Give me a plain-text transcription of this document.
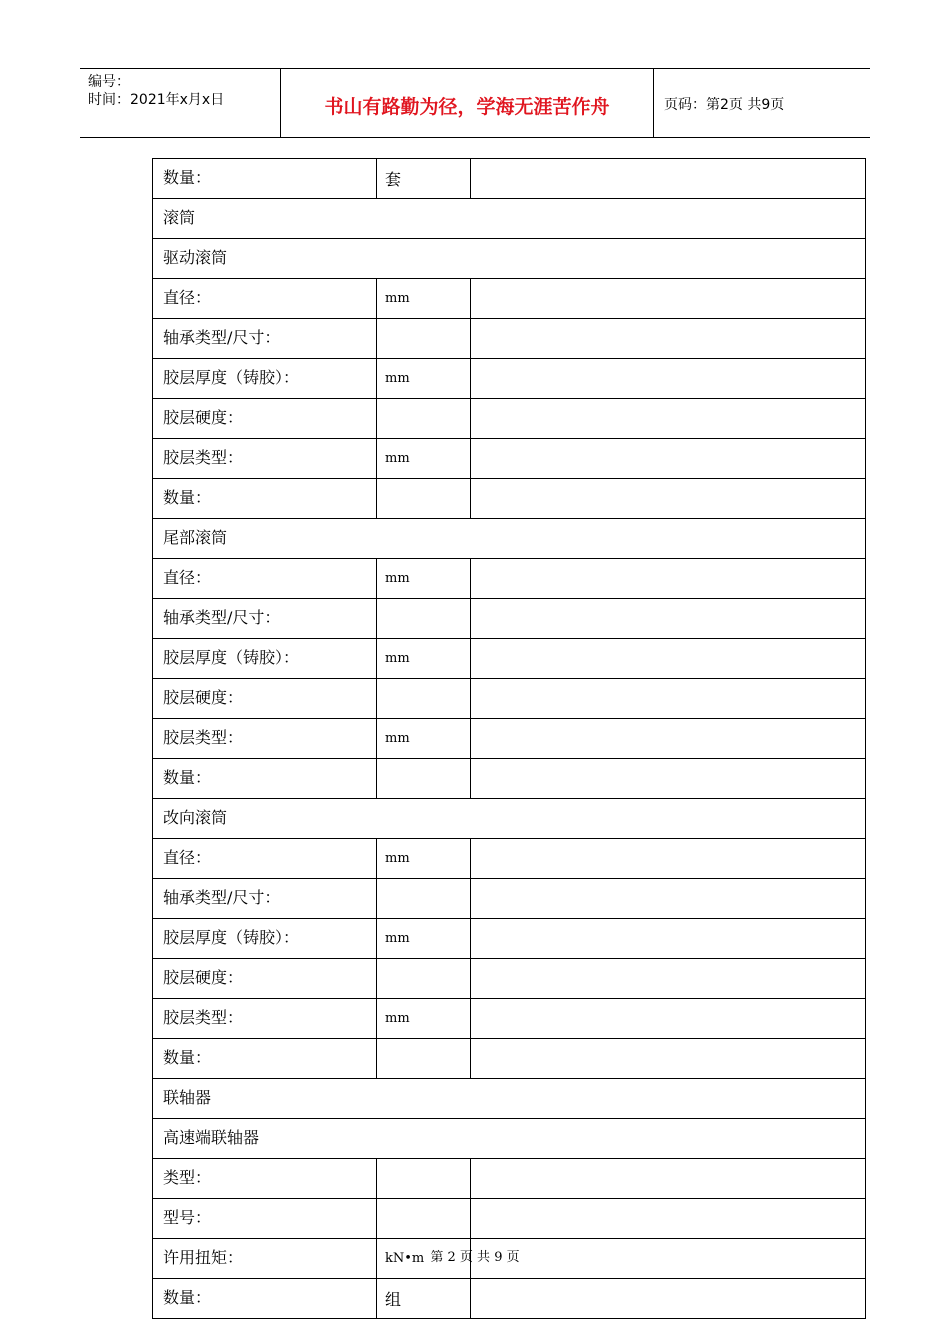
编号：
时间：2021年x月x日	书山有路勤为径，学海无涯苦作舟	页码：第2页 共9页
数量：	套	
滚筒		
驱动滚筒		
直径：	mm	
轴承类型/尺寸：		
胶层厚度（铸胶）：	mm	
胶层硬度：		
胶层类型：	mm	
数量：		
尾部滚筒		
直径：	mm	
轴承类型/尺寸：		
胶层厚度（铸胶）：	mm	
胶层硬度：		
胶层类型：	mm	
数量：		
改向滚筒		
直径：	mm	
轴承类型/尺寸：		
胶层厚度（铸胶）：	mm	
胶层硬度：		
胶层类型：	mm	
数量：		
联轴器		
高速端联轴器		
类型：		
型号：		
许用扭矩：	kN•m	
数量：	组	
第 2 页 共 9 页
